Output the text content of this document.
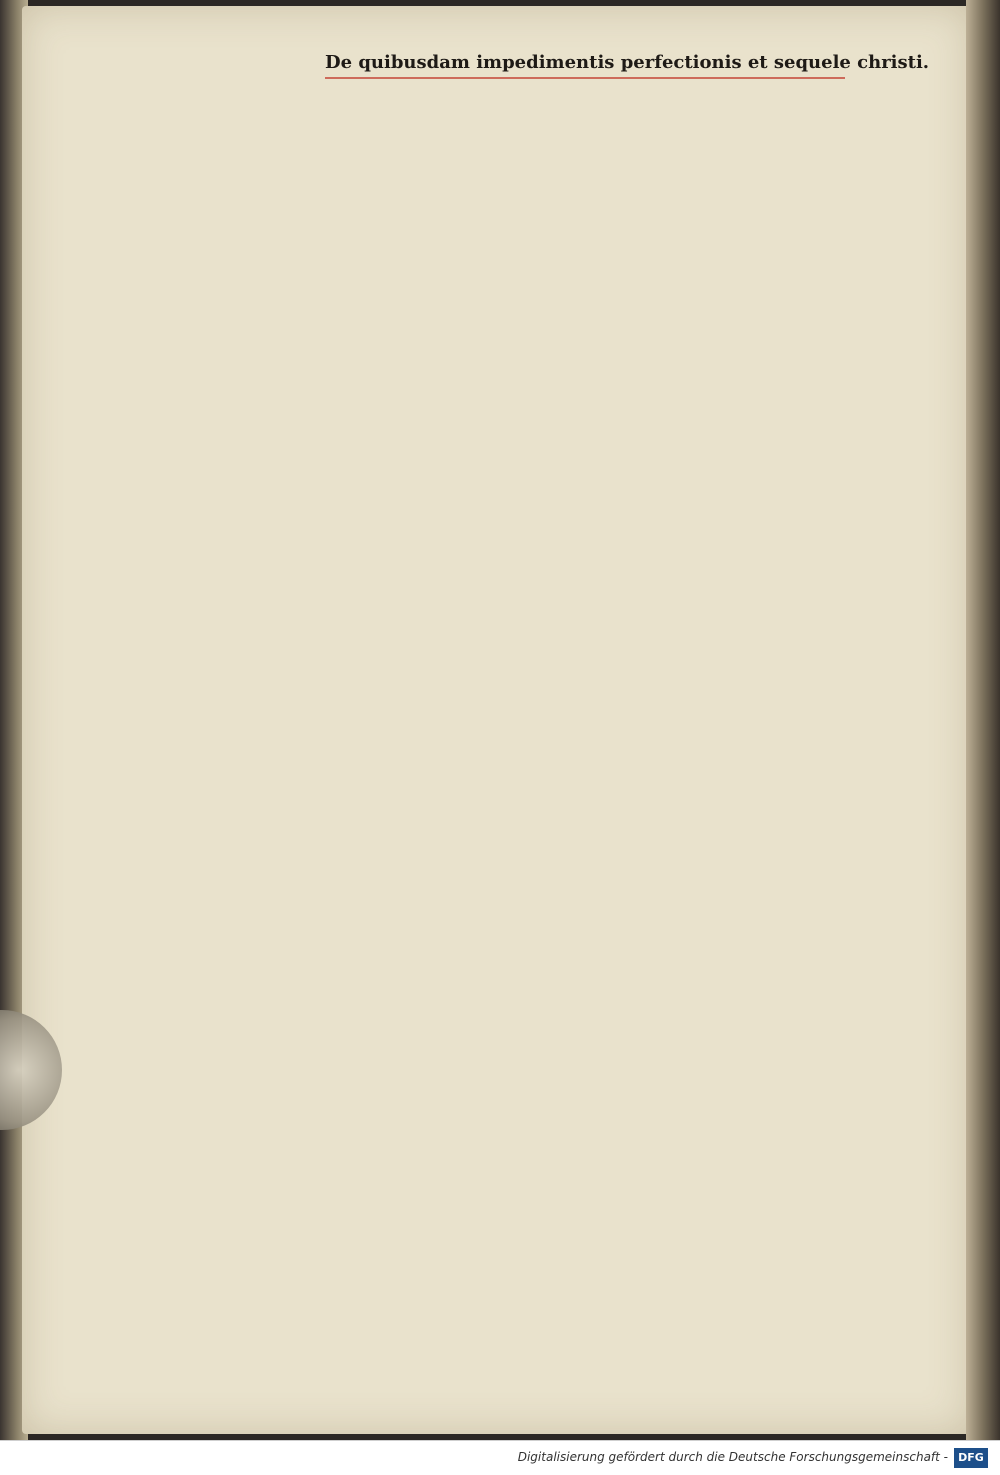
De quibusdam impedimentis perfectionis et sequele christi.
Digitalisierung gefördert durch die Deutsche Forschungsgemeinschaft - DFG
